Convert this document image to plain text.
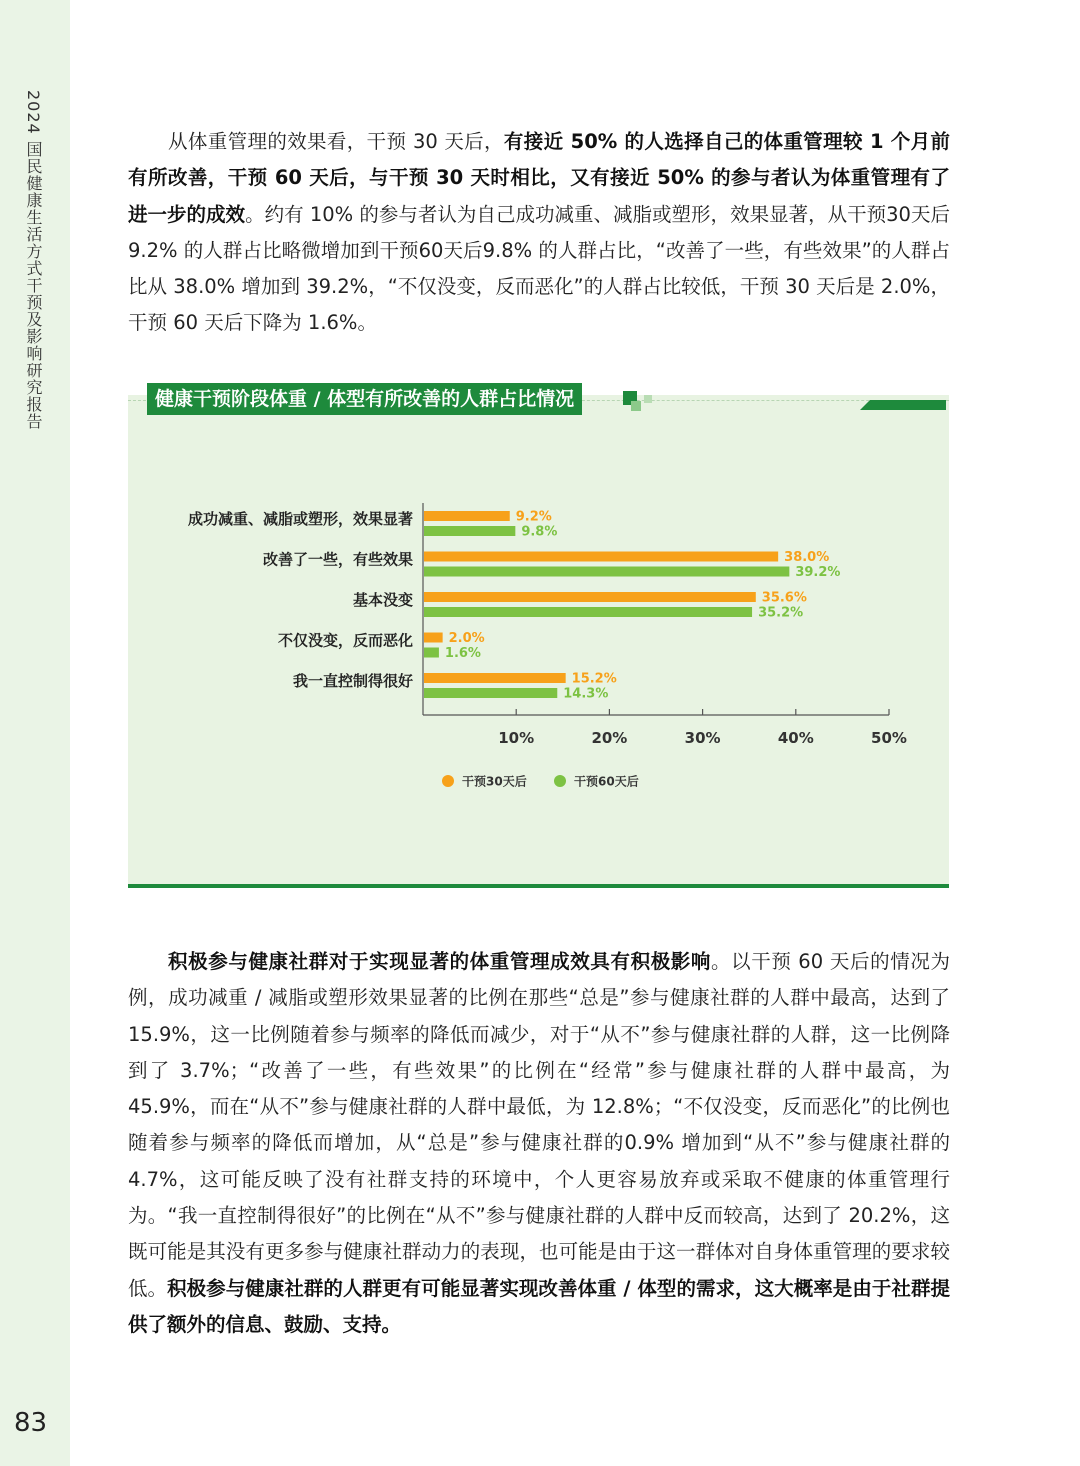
2024 国民健康生活方式干预及影响研究报告
83

从体重管理的效果看，干预 30 天后，有接近 50% 的人选择自己的体重管理较 1 个月前有所改善，干预 60 天后，与干预 30 天时相比，又有接近 50% 的参与者认为体重管理有了进一步的成效。约有 10% 的参与者认为自己成功减重、减脂或塑形，效果显著，从干预30天后9.2% 的人群占比略微增加到干预60天后9.8% 的人群占比，“改善了一些，有些效果”的人群占比从 38.0% 增加到 39.2%，“不仅没变，反而恶化”的人群占比较低，干预 30 天后是 2.0%，干预 60 天后下降为 1.6%。

10%	20%	30%	40%	50%
成功减重、减脂或塑形，效果显著	9.2%
9.8%
改善了一些，有些效果	38.0%
39.2%
基本没变	35.6%
35.2%
不仅没变，反而恶化	2.0%
1.6%
我一直控制得很好	15.2%
14.3%
干预30天后	干预60天后
健康干预阶段体重 / 体型有所改善的人群占比情况

积极参与健康社群对于实现显著的体重管理成效具有积极影响。以干预 60 天后的情况为例，成功减重 / 减脂或塑形效果显著的比例在那些“总是”参与健康社群的人群中最高，达到了 15.9%，这一比例随着参与频率的降低而减少，对于“从不”参与健康社群的人群，这一比例降到了 3.7%；“改善了一些，有些效果”的比例在“经常”参与健康社群的人群中最高，为 45.9%，而在“从不”参与健康社群的人群中最低，为 12.8%；“不仅没变，反而恶化”的比例也随着参与频率的降低而增加，从“总是”参与健康社群的0.9% 增加到“从不”参与健康社群的 4.7%，这可能反映了没有社群支持的环境中，个人更容易放弃或采取不健康的体重管理行为。“我一直控制得很好”的比例在“从不”参与健康社群的人群中反而较高，达到了 20.2%，这既可能是其没有更多参与健康社群动力的表现，也可能是由于这一群体对自身体重管理的要求较低。积极参与健康社群的人群更有可能显著实现改善体重 / 体型的需求，这大概率是由于社群提供了额外的信息、鼓励、支持。
